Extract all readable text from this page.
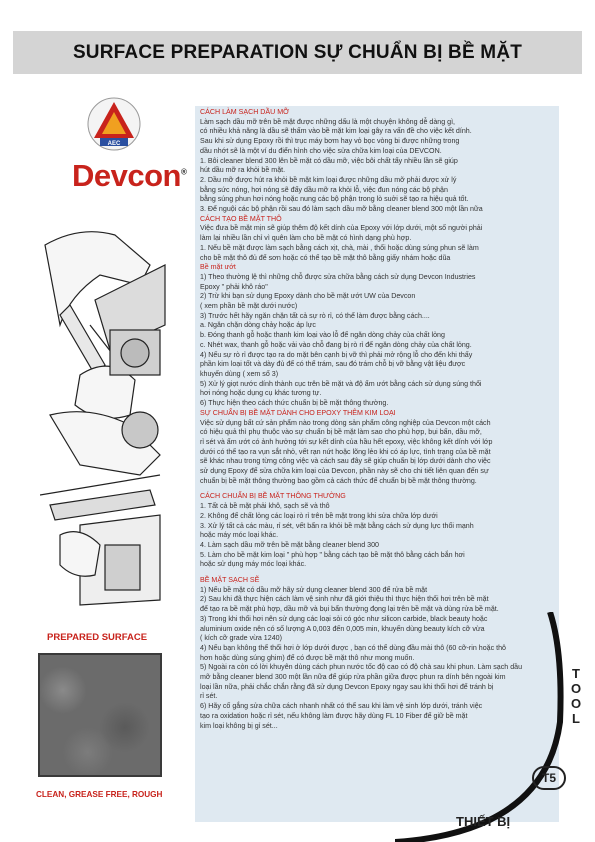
SURFACE PREPARATION SỰ CHUẨN BỊ BỀ MẶT
AEC
Devcon®
PREPARED SURFACE
CLEAN, GREASE FREE, ROUGH
CÁCH LÀM SẠCH DẦU MỠ
Làm sạch dầu mỡ trên bề mặt được những dấu là một chuyện không dễ dàng gì,
có nhiều khả năng là dầu sẽ thấm vào bề mặt kim loại gây ra vấn đề cho việc kết dính.
Sau khi sử dụng Epoxy rồi thì trục máy bơm hay vỏ bọc vòng bi được những trong
dầu nhớt sẽ là một ví du điển hình cho việc sửa chữa kim loại của DEVCON.
1. Bôi cleaner blend 300 lên bề mặt có dầu mỡ, việc bôi chất tẩy nhiều lần sẽ giúp
hút dầu mỡ ra khỏi bề mặt.
2. Dầu mỡ được hút ra khỏi bề mặt kim loại được những dầu mỡ phải được xử lý
bằng sức nóng, hơi nóng sẽ đẩy dầu mỡ ra khỏi lỗ, việc đun nóng các bộ phận
bằng súng phun hơi nóng hoặc nung các bộ phận trong lò suởi sẽ tạo ra hiệu quả tốt.
3. Để nguội các bộ phận rồi sau đó làm sạch dầu mỡ bằng cleaner blend 300 một lần nữa
CÁCH TẠO BỀ MẶT THÔ
Việc đưa bề mặt mịn sẽ giúp thêm độ kết dính của Epoxy với lớp dưới, một số người phải
làm lại nhiều lần chỉ vì quên làm cho bề mặt có hình dạng phù hợp.
1. Nếu bề mặt được làm sạch bằng cách xịt, chà, mài , thổi hoặc dùng súng phun sẽ làm
cho bề mặt thô đủ để sơn hoặc có thể tạo bề mặt thô bằng giấy nhám hoặc dũa
Bề mặt ướt
1) Theo thường lệ thì những chỗ được sửa chữa bằng cách sử dụng Devcon Industries
Epoxy " phải khô ráo"
2) Trừ khi bạn sử dụng Epoxy dành cho bề mặt ướt UW của Devcon
( xem phần bề mặt dưới nước)
3) Trước hết hãy ngăn chặn tất cả sự rò rỉ, có thể làm được bằng cách....
a. Ngăn chặn dòng chảy hoặc áp lực
b. Đóng thanh gỗ hoặc thanh kim loại vào lỗ để ngăn dòng chảy của chất lỏng
c. Nhét wax, thanh gỗ hoặc vải vào chỗ đang bị rò rỉ để ngăn dòng chảy của chất lỏng.
4) Nếu sự rò rỉ được tạo ra do mặt bên cạnh bị vỡ thì phải mở rộng lỗ cho đến khi thấy
phần kim loại tốt và dày đủ để có thể trám, sau đó trám chỗ bị vỡ bằng vật liệu được
khuyến dùng ( xem số 3)
5) Xử lý giọt nước dính thành cục trên bề mặt và độ ẩm ướt bằng cách sử dụng súng thổi
hơi nóng hoặc dụng cụ khác tương tự.
6) Thực hiện theo cách thức chuẩn bị bề mặt thông thường.
SỰ CHUẨN BỊ BỀ MẶT DÀNH CHO EPOXY THÊM KIM LOẠI
Việc sử dụng bất cứ sản phẩm nào trong dòng sản phẩm công nghiệp của Devcon một cách
có hiệu quả thì phụ thuộc vào sự chuẩn bị bề mặt làm sao cho phù hợp, bụi bẩn, dầu mỡ,
rỉ sét và ẩm ướt có ảnh hưởng tới sự kết dính của hầu hết epoxy, việc không kết dính với lớp
dưới có thể tạo ra vụn sắt nhỏ, vết rạn nứt hoặc lõng lẻo khi có áp lực, tình trạng của bề mặt
sẽ khác nhau trong từng công việc và cách sau đây sẽ giúp chuẩn bị lớp dưới dành cho việc
sử dụng Epoxy để sửa chữa kim loại của Devcon, phần này sẽ cho chi tiết liên quan đến sự
chuẩn bị bề mặt thông thường bao gồm cả cách thức để chuẩn bị bề mặt thông thường.
CÁCH CHUẨN BỊ BỀ MẶT THÔNG THƯỜNG
1. Tất cả bề mặt phải khô, sạch sẽ và thô
2. Không để chất lỏng các loại rò rỉ trên bề mặt trong khi sửa chữa lớp dưới
3. Xử lý tất cả các màu, rỉ sét, vết bẩn ra khỏi bề mặt bằng cách sử dụng lực thổi mạnh
hoặc máy móc loại khác.
4. Làm sạch dầu mỡ trên bề mặt bằng cleaner blend 300
5. Làm cho bề mặt kim loại " phù hợp " bằng cách tạo bề mặt thô bằng cách bắn hơi
hoặc sử dụng máy móc loại khác.
BỀ MẶT SẠCH SẼ
1) Nếu bề mặt có dầu mỡ hãy sử dụng cleaner blend 300 để rửa bề mặt
2) Sau khi đã thực hiện cách làm vệ sinh như đã giới thiệu thì thực hiện thổi hơi trên bề mặt
để tạo ra bề mặt phù hợp, dầu mỡ và bụi bẩn thường đọng lại trên bề mặt và dùng rửa bề mặt.
3) Trong khi thổi hơi nên sử dụng các loại sỏi có góc như silicon carbide, black beauty hoặc
aluminium oxide nên có số lượng A 0,003 đến 0,005 min, khuyến dùng beauty kích cỡ vừa
( kích cỡ grade vừa 1240)
4) Nếu bạn không thể thổi hơi ở lớp dưới được , bạn có thể dùng đầu mài thô (60 cỡ-rin hoặc thô
hơn hoặc dùng súng ghim) để có được bề mặt thô như mong muốn.
5) Ngoài ra còn có lời khuyên dùng cách phun nước tốc độ cao có độ chà sau khi phun. Làm sạch dầu
mỡ bằng cleaner blend 300 một lần nữa để giúp rửa phần giữa được phun ra dính bên ngoài kim
loại lần nữa, phải chắc chắn rằng đã sử dụng Devcon Epoxy ngay sau khi thổi hơi để tránh bị
rỉ sét.
6) Hãy cố gắng sửa chữa cách nhanh nhất có thể sau khi làm vệ sinh lớp dưới, tránh việc
tạo ra oxidation hoặc rỉ sét, nếu không làm được hãy dùng FL 10 Fiber để giữ bề mặt
kim loại không bị gỉ sét...
T
O
O
L
T5
THIẾT BỊ
